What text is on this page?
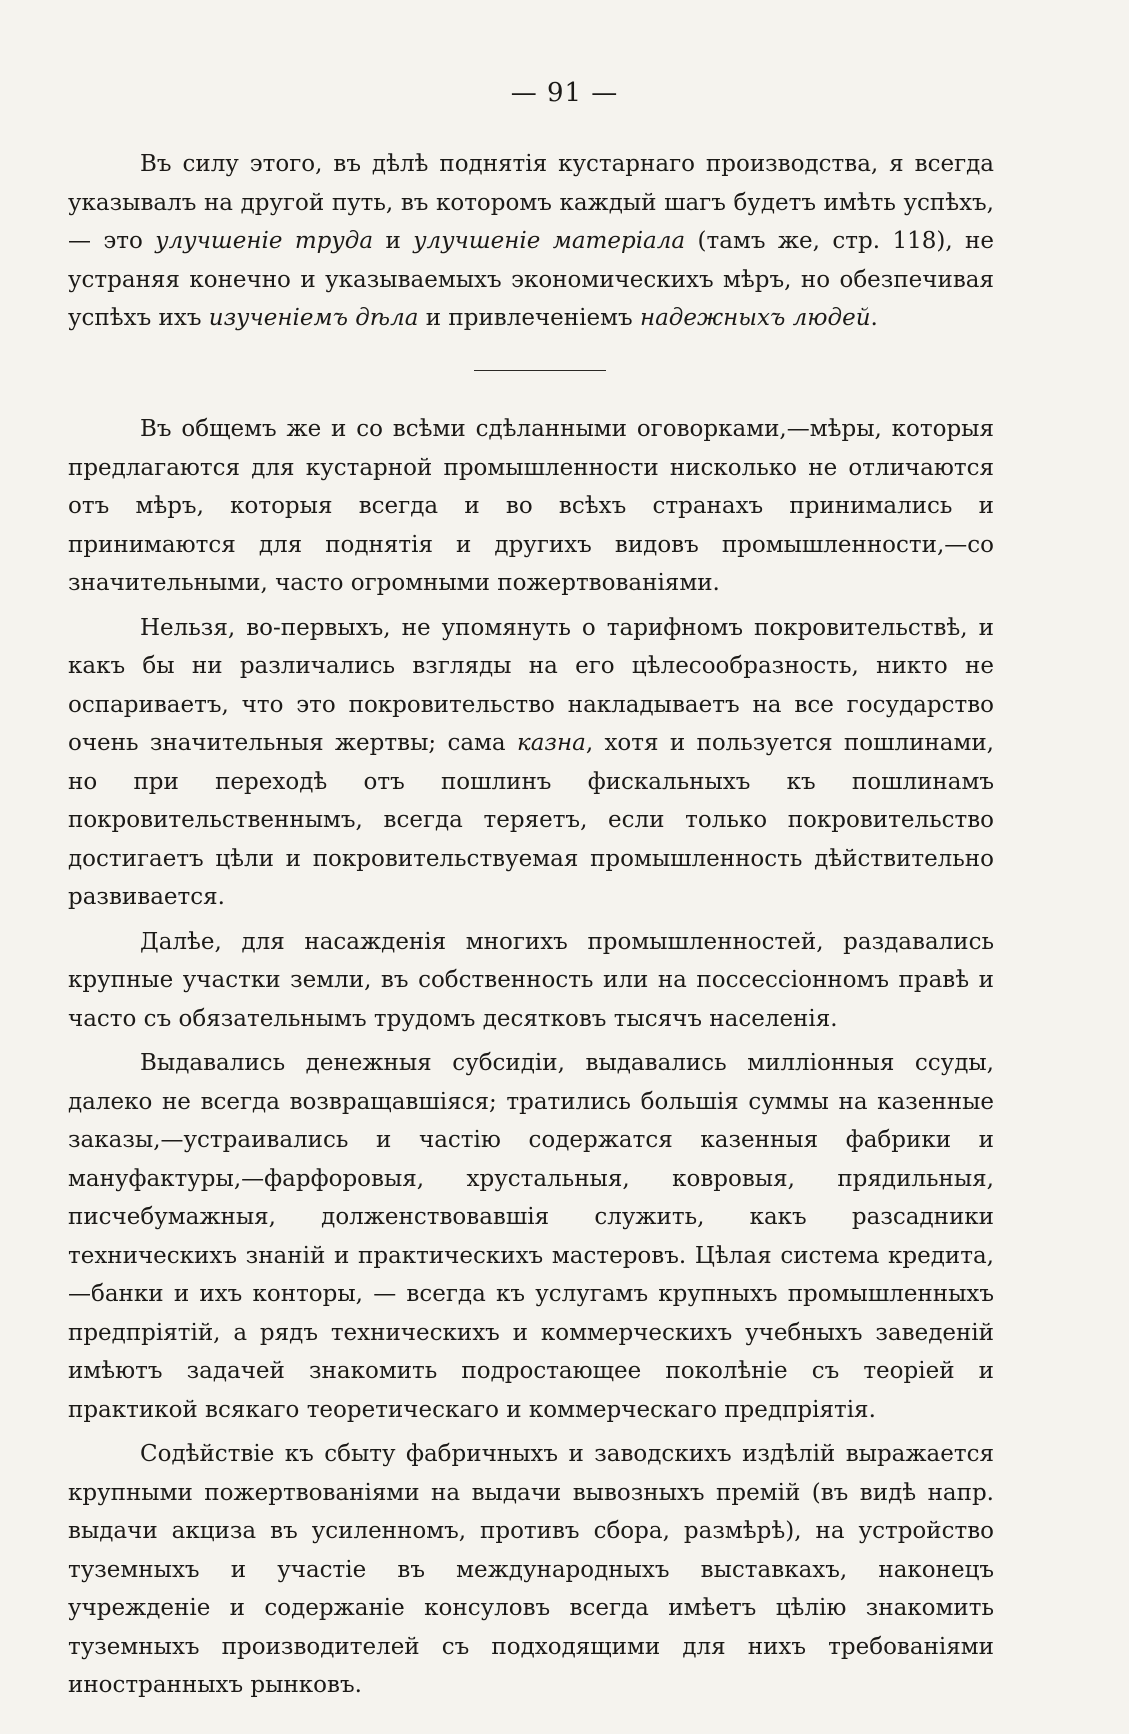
— 91 —

Въ силу этого, въ дѣлѣ поднятія кустарнаго производства, я всегда указывалъ на другой путь, въ которомъ каждый шагъ будетъ имѣть успѣхъ, — это улучшеніе труда и улучшеніе матеріала (тамъ же, стр. 118), не устраняя конечно и указываемыхъ экономическихъ мѣръ, но обезпечивая успѣхъ ихъ изученіемъ дѣла и привлеченіемъ надежныхъ людей.

Въ общемъ же и со всѣми сдѣланными оговорками,—мѣры, которыя предлагаются для кустарной промышленности нисколько не отличаются отъ мѣръ, которыя всегда и во всѣхъ странахъ принимались и принимаются для поднятія и другихъ видовъ промышленности,—со значительными, часто огромными пожертвованіями.

Нельзя, во-первыхъ, не упомянуть о тарифномъ покровительствѣ, и какъ бы ни различались взгляды на его цѣлесообразность, никто не оспариваетъ, что это покровительство накладываетъ на все государство очень значительныя жертвы; сама казна, хотя и пользуется пошлинами, но при переходѣ отъ пошлинъ фискальныхъ къ пошлинамъ покровительственнымъ, всегда теряетъ, если только покровительство достигаетъ цѣли и покровительствуемая промышленность дѣйствительно развивается.

Далѣе, для насажденія многихъ промышленностей, раздавались крупные участки земли, въ собственность или на поссессіонномъ правѣ и часто съ обязательнымъ трудомъ десятковъ тысячъ населенія.

Выдавались денежныя субсидіи, выдавались милліонныя ссуды, далеко не всегда возвращавшіяся; тратились большія суммы на казенные заказы,—устраивались и частію содержатся казенныя фабрики и мануфактуры,—фарфоровыя, хрустальныя, ковровыя, прядильныя, писчебумажныя, долженствовавшія служить, какъ разсадники техническихъ знаній и практическихъ мастеровъ. Цѣлая система кредита,—банки и ихъ конторы, — всегда къ услугамъ крупныхъ промышленныхъ предпріятій, а рядъ техническихъ и коммерческихъ учебныхъ заведеній имѣютъ задачей знакомить подростающее поколѣніе съ теоріей и практикой всякаго теоретическаго и коммерческаго предпріятія.

Содѣйствіе къ сбыту фабричныхъ и заводскихъ издѣлій выражается крупными пожертвованіями на выдачи вывозныхъ премій (въ видѣ напр. выдачи акциза въ усиленномъ, противъ сбора, размѣрѣ), на устройство туземныхъ и участіе въ международныхъ выставкахъ, наконецъ учрежденіе и содержаніе консуловъ всегда имѣетъ цѣлію знакомить туземныхъ производителей съ подходящими для нихъ требованіями иностранныхъ рынковъ.
